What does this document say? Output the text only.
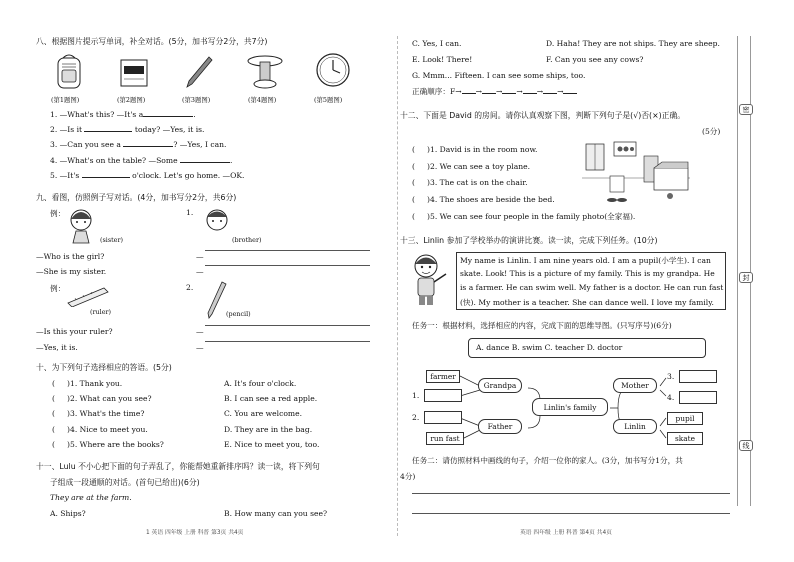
八、根据图片提示写单词，补全对话。(5分，加书写分2分，共7分)
(第1题图)	(第2题图)	(第3题图)	(第4题图)	(第5题图)
1. —What's this? —It's a	.
2. —Is it	today? —Yes, it is.
3. —Can you see a	? —Yes, I can.
4. —What's on the table? —Some	.
5. —It's	o'clock. Let's go home. —OK.
九、看图，仿照例子写对话。(4分，加书写分2分，共6分)
例：
(sister)
1.
(brother)
—Who is the girl?
—She is my sister.
—
—
例：
(ruler)
2.
(pencil)
—Is this your ruler?
—Yes, it is.
—
—
十、为下列句子选择相应的答语。(5分)
(     )1. Thank you.
(     )2. What can you see?
(     )3. What's the time?
(     )4. Nice to meet you.
(     )5. Where are the books?
A. It's four o'clock.
B. I can see a red apple.
C. You are welcome.
D. They are in the bag.
E. Nice to meet you, too.
十一、Lulu 不小心把下面的句子弄乱了，你能帮她重新排序吗？读一读，将下列句
子组成一段通顺的对话。(首句已给出)(6分)
They are at the farm.
A. Ships?	B. How many can you see?
C. Yes, I can.	D. Haha! They are not ships. They are sheep.
E. Look! There!	F. Can you see any cows?
G. Mmm... Fifteen. I can see some ships, too.
正确顺序：F→ → → → → →
十二、下面是 David 的房间。请你认真观察下图，判断下列句子是(√)否(×)正确。
(5分)
(     )1. David is in the room now.
(     )2. We can see a toy plane.
(     )3. The cat is on the chair.
(     )4. The shoes are beside the bed.
(     )5. We can see four people in the family photo(全家福).
十三、Linlin 参加了学校举办的演讲比赛。读一读，完成下列任务。(10分)
My name is Linlin. I am nine years old. I am a pupil(小学生). I can
skate. Look! This is a picture of my family. This is my grandpa. He
is a farmer. He can swim well. My father is a doctor. He can run fast
(快). My mother is a teacher. She can dance well. I love my family.
任务一：根据材料，选择相应的内容，完成下面的思维导图。(只写序号)(6分)
A. dance B. swim C. teacher D. doctor
farmer
1.
2.
run fast
Grandpa
Father
Linlin's family
Mother
Linlin
3.
4.
pupil
skate
任务二：请仿照材料中画线的句子，介绍一位你的家人。(3分，加书写分1分，共
4分)
密
封
线
1 英语 四年级 上册 科普 第3页 共4页	英语 四年级 上册 科普 第4页 共4页
